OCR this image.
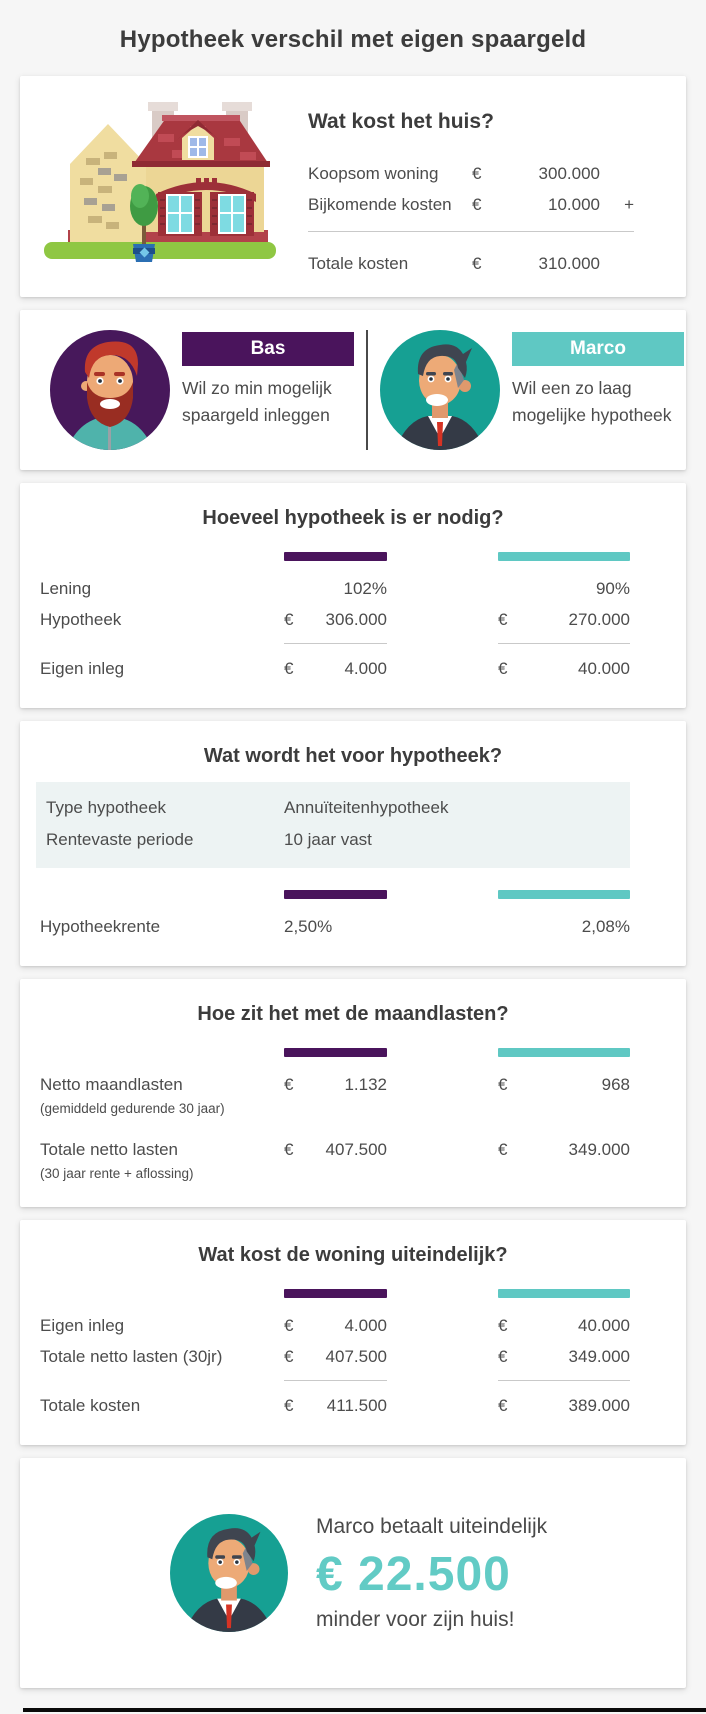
Hypotheek verschil met eigen spaargeld
Wat kost het huis?
Koopsom woning	€	300.000
Bijkomende kosten	€	10.000	+
Totale kosten	€	310.000
Bas
Wil zo min mogelijk spaargeld inleggen
Marco
Wil een zo laag mogelijke hypotheek
Hoeveel hypotheek is er nodig?
Lening	102%	90%
Hypotheek	€ 306.000	€	270.000
Eigen inleg	€	4.000	€	40.000
Wat wordt het voor hypotheek?
Type hypotheek	Annuïteitenhypotheek
Rentevaste periode	10 jaar vast
Hypotheekrente	2,50%	2,08%
Hoe zit het met de maandlasten?
Netto maandlasten
(gemiddeld gedurende 30 jaar)
€	1.132	€	968
Totale netto lasten
(30 jaar rente + aflossing)
€ 407.500	€	349.000
Wat kost de woning uiteindelijk?
Eigen inleg	€	4.000	€	40.000
Totale netto lasten (30jr)	€ 407.500	€	349.000
Totale kosten	€ 411.500	€	389.000
Marco betaalt uiteindelijk
€ 22.500
minder voor zijn huis!
